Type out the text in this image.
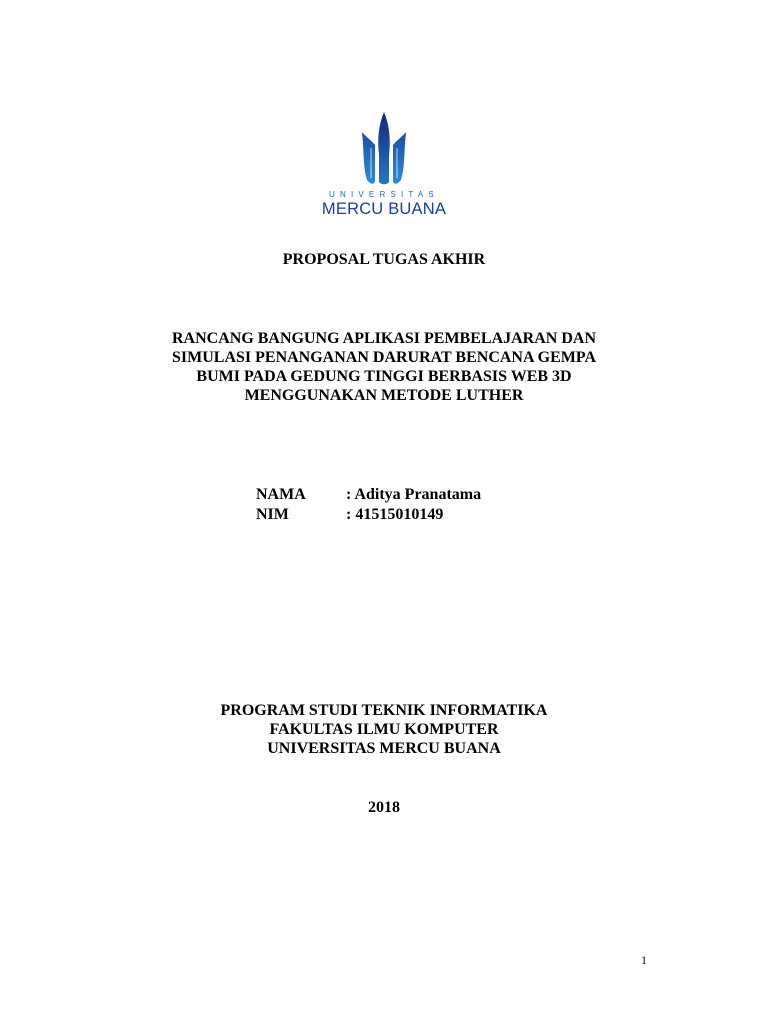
UNIVERSITAS
MERCU BUANA
PROPOSAL TUGAS AKHIR
RANCANG BANGUNG APLIKASI PEMBELAJARAN DAN
SIMULASI PENANGANAN DARURAT BENCANA GEMPA
BUMI PADA GEDUNG TINGGI BERBASIS WEB 3D
MENGGUNAKAN METODE LUTHER
NAMA	: Aditya Pranatama
NIM	: 41515010149
PROGRAM STUDI TEKNIK INFORMATIKA
FAKULTAS ILMU KOMPUTER
UNIVERSITAS MERCU BUANA
2018
1
